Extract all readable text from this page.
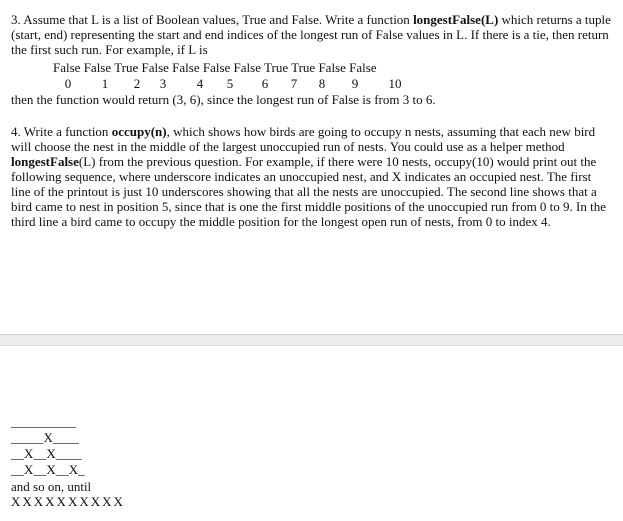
3. Assume that L is a list of Boolean values, True and False. Write a function longestFalse(L) which returns a tuple (start, end) representing the start and end indices of the longest run of False values in L. If there is a tie, then return the first such run. For example, if L is

False False True False False False False True True False False
0 1 2 3 4 5 6 7 8 9 10
then the function would return (3, 6), since the longest run of False is from 3 to 6.

4. Write a function occupy(n), which shows how birds are going to occupy n nests, assuming that each new bird will choose the nest in the middle of the largest unoccupied run of nests. You could use as a helper method longestFalse(L) from the previous question. For example, if there were 10 nests, occupy(10) would print out the following sequence, where underscore indicates an unoccupied nest, and X indicates an occupied nest. The first line of the printout is just 10 underscores showing that all the nests are unoccupied. The second line shows that a bird came to nest in position 5, since that is one the first middle positions of the unoccupied run from 0 to 9. In the third line a bird came to occupy the middle position for the longest open run of nests, from 0 to index 4.

__________
_____X____
__X__X____
__X__X__X_
and so on, until
XXXXXXXXXX
